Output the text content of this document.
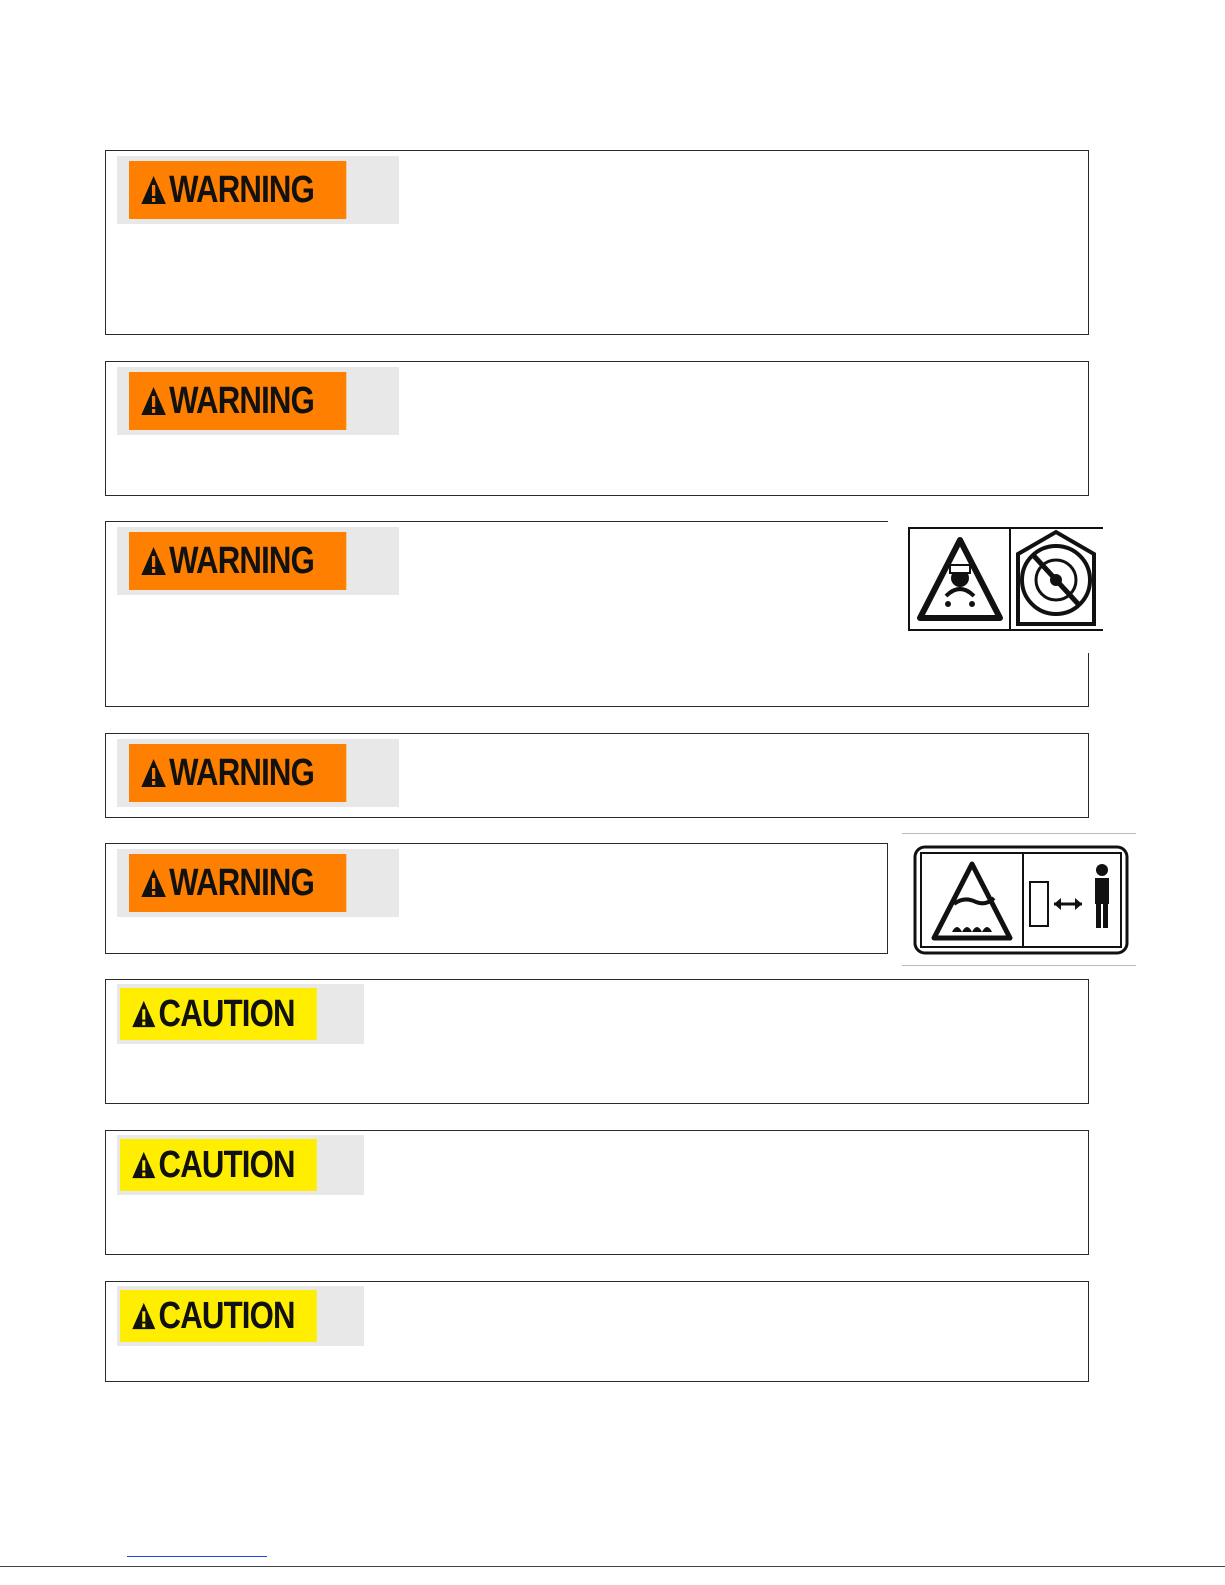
WARNING
WARNING
WARNING
WARNING
WARNING
CAUTION
CAUTION
CAUTION
